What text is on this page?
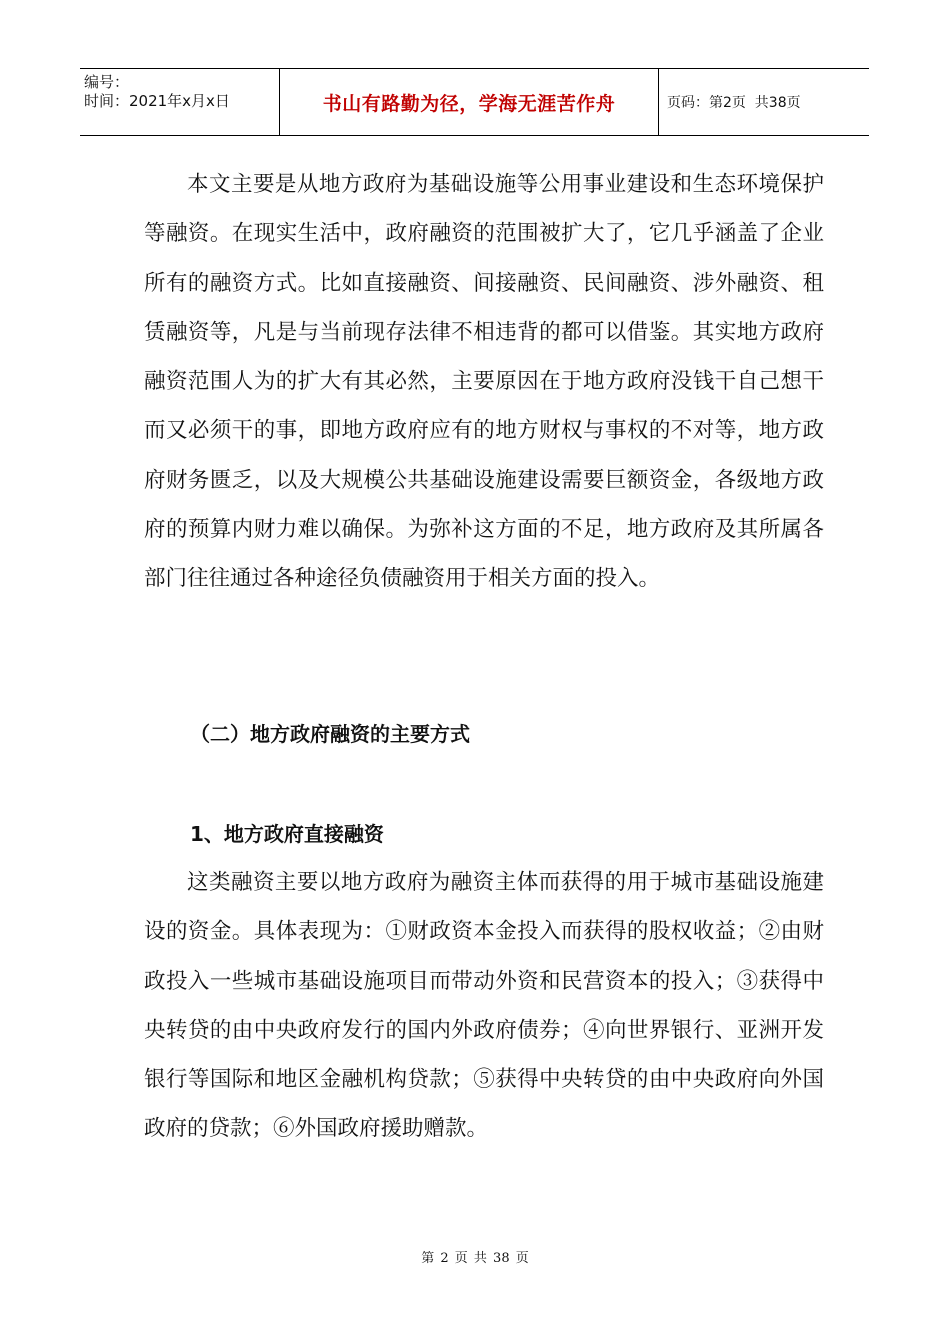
编号：
时间：2021年x月x日	书山有路勤为径，学海无涯苦作舟	页码：第2页  共38页

本文主要是从地方政府为基础设施等公用事业建设和生态环境保护等融资。在现实生活中，政府融资的范围被扩大了，它几乎涵盖了企业所有的融资方式。比如直接融资、间接融资、民间融资、涉外融资、租赁融资等，凡是与当前现存法律不相违背的都可以借鉴。其实地方政府融资范围人为的扩大有其必然，主要原因在于地方政府没钱干自己想干而又必须干的事，即地方政府应有的地方财权与事权的不对等，地方政府财务匮乏，以及大规模公共基础设施建设需要巨额资金，各级地方政府的预算内财力难以确保。为弥补这方面的不足，地方政府及其所属各部门往往通过各种途径负债融资用于相关方面的投入。

（二）地方政府融资的主要方式
1、地方政府直接融资

这类融资主要以地方政府为融资主体而获得的用于城市基础设施建设的资金。具体表现为：①财政资本金投入而获得的股权收益；②由财政投入一些城市基础设施项目而带动外资和民营资本的投入；③获得中央转贷的由中央政府发行的国内外政府债券；④向世界银行、亚洲开发银行等国际和地区金融机构贷款；⑤获得中央转贷的由中央政府向外国政府的贷款；⑥外国政府援助赠款。

第 2 页 共 38 页
